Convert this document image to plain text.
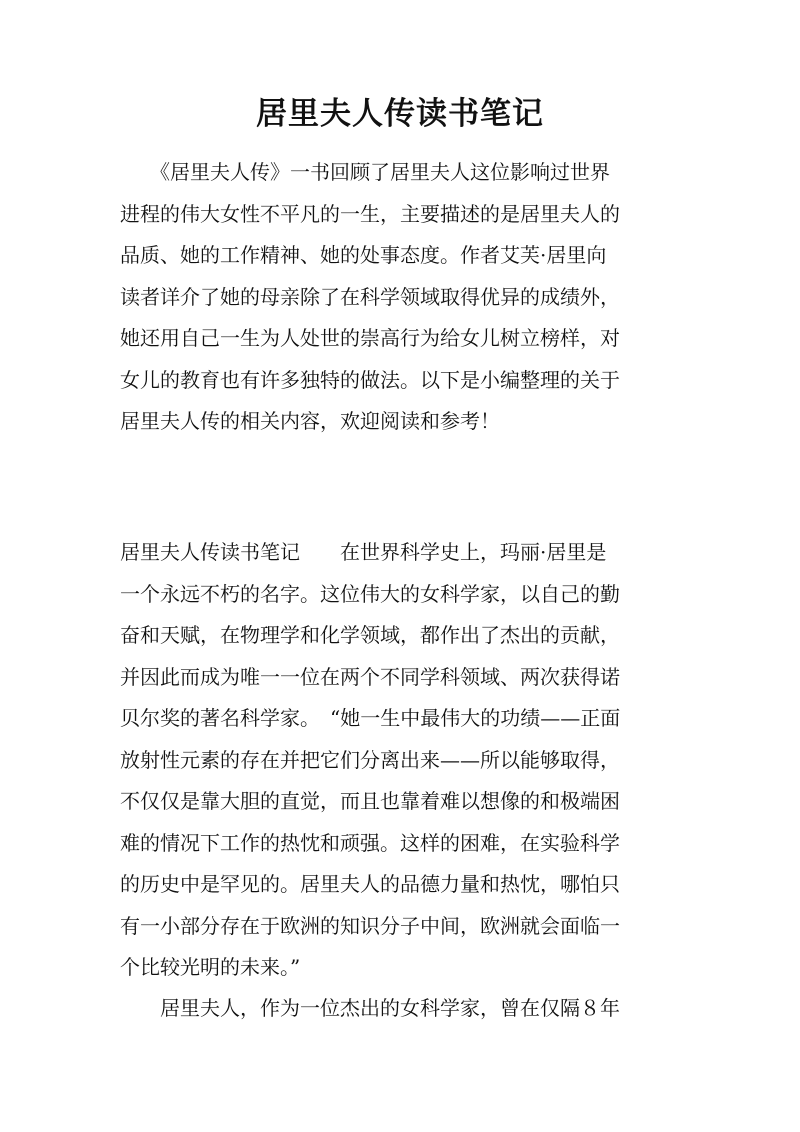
居里夫人传读书笔记
　　《居里夫人传》一书回顾了居里夫人这位影响过世界
进程的伟大女性不平凡的一生，主要描述的是居里夫人的
品质、她的工作精神、她的处事态度。作者艾芙·居里向
读者详介了她的母亲除了在科学领域取得优异的成绩外，
她还用自己一生为人处世的崇高行为给女儿树立榜样，对
女儿的教育也有许多独特的做法。以下是小编整理的关于
居里夫人传的相关内容，欢迎阅读和参考！
居里夫人传读书笔记　　在世界科学史上，玛丽·居里是
一个永远不朽的名字。这位伟大的女科学家，以自己的勤
奋和天赋，在物理学和化学领域，都作出了杰出的贡献，
并因此而成为唯一一位在两个不同学科领域、两次获得诺
贝尔奖的著名科学家。　“她一生中最伟大的功绩——正面
放射性元素的存在并把它们分离出来——所以能够取得，
不仅仅是靠大胆的直觉，而且也靠着难以想像的和极端困
难的情况下工作的热忱和顽强。这样的困难，在实验科学
的历史中是罕见的。居里夫人的品德力量和热忱，哪怕只
有一小部分存在于欧洲的知识分子中间，欧洲就会面临一
个比较光明的未来。”
　　居里夫人，作为一位杰出的女科学家，曾在仅隔８年
